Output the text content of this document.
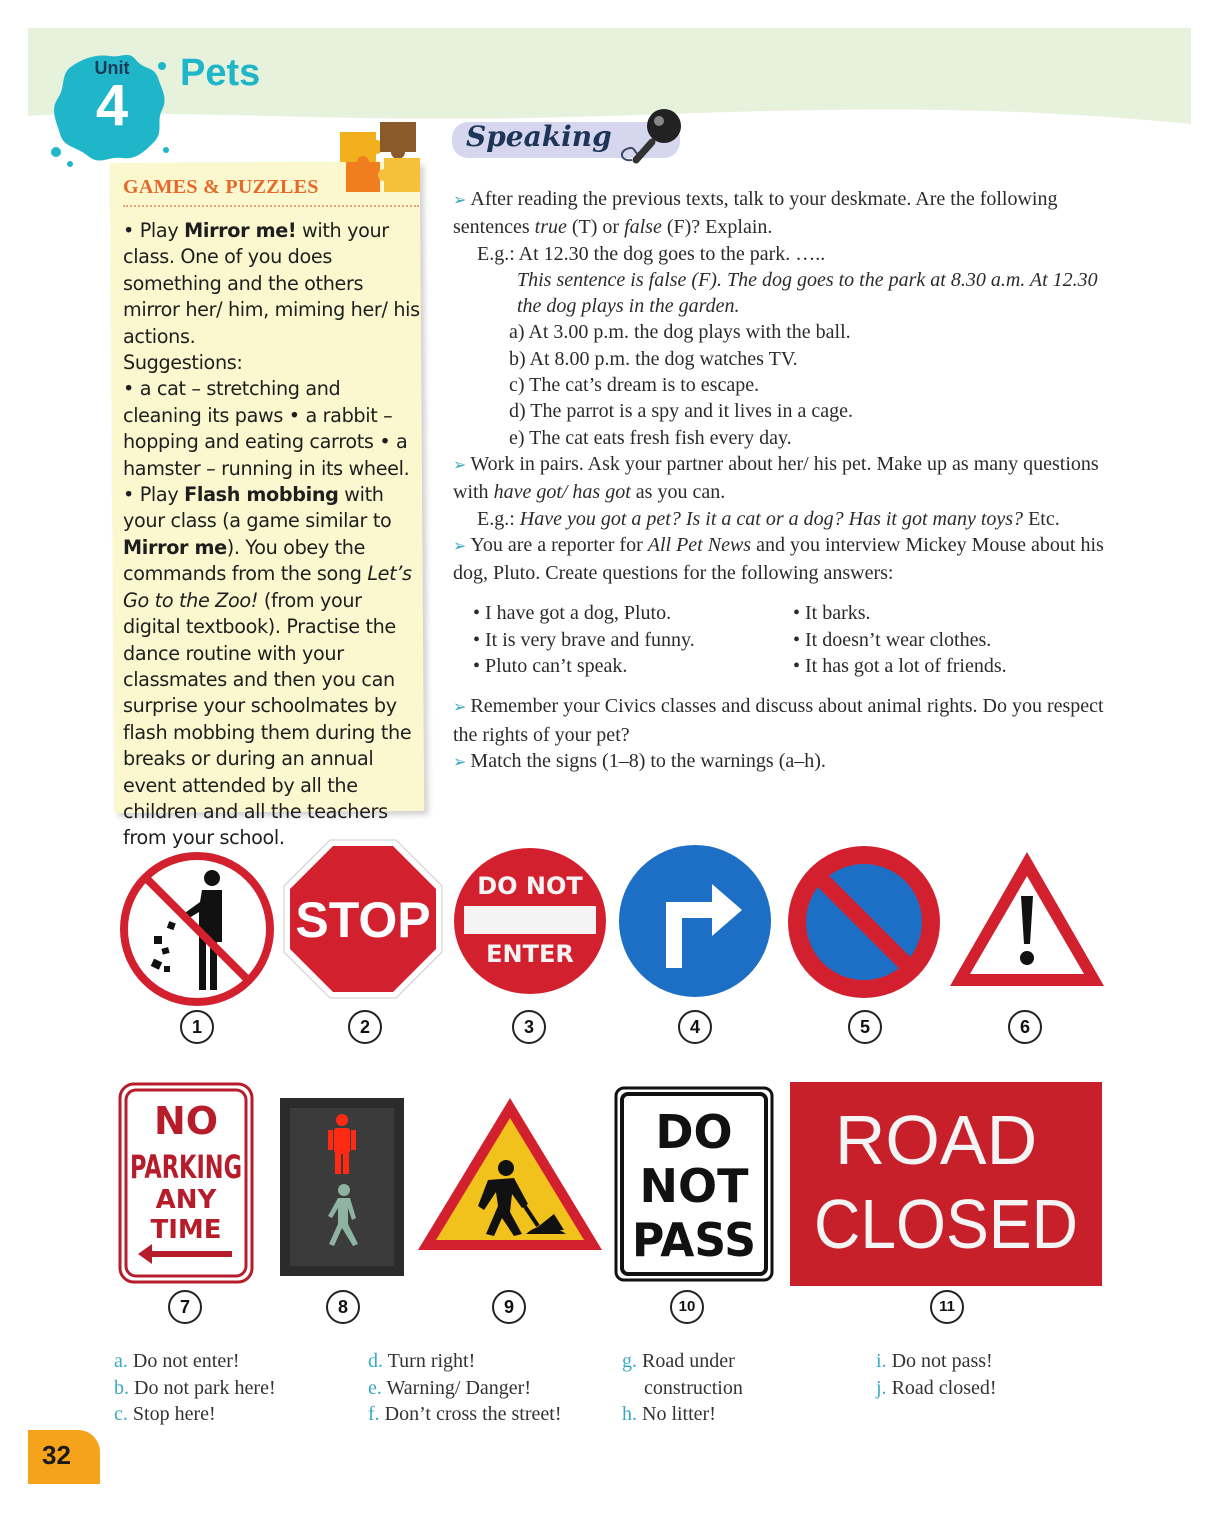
Unit
4	Pets
GAMES & PUZZLES

• Play Mirror me! with your class. One of you does something and the others mirror her/ him, miming her/ his actions.

Suggestions:

• a cat – stretching and cleaning its paws • a rabbit – hopping and eating carrots • a hamster – running in its wheel.

• Play Flash mobbing with your class (a game similar to Mirror me). You obey the commands from the song Let’s Go to the Zoo! (from your digital textbook). Practise the dance routine with your classmates and then you can surprise your schoolmates by flash mobbing them during the breaks or during an annual event attended by all the children and all the teachers from your school.

Speaking

➢ After reading the previous texts, talk to your deskmate. Are the following sentences true (T) or false (F)? Explain.

E.g.: At 12.30 the dog goes to the park. …..

This sentence is false (F). The dog goes to the park at 8.30 a.m. At 12.30 the dog plays in the garden.

a) At 3.00 p.m. the dog plays with the ball.

b) At 8.00 p.m. the dog watches TV.

c) The cat’s dream is to escape.

d) The parrot is a spy and it lives in a cage.

e) The cat eats fresh fish every day.

➢ Work in pairs. Ask your partner about her/ his pet. Make up as many questions with have got/ has got as you can.

E.g.: Have you got a pet? Is it a cat or a dog? Has it got many toys? Etc.

➢ You are a reporter for All Pet News and you interview Mickey Mouse about his dog, Pluto. Create questions for the following answers:

• I have got a dog, Pluto.

• It is very brave and funny.

• Pluto can’t speak.

• It barks.

• It doesn’t wear clothes.

• It has got a lot of friends.

➢ Remember your Civics classes and discuss about animal rights. Do you respect the rights of your pet?

➢ Match the signs (1–8) to the warnings (a–h).

STOP
DO NOT
ENTER
1	2	3	4	5	6
NO
PARKING
ANY
TIME
DO
NOT
PASS
ROAD
CLOSED
7	8	9	10	11
a. Do not enter!
b. Do not park here!
c. Stop here!
d. Turn right!
e. Warning/ Danger!
f. Don’t cross the street!
g. Road under
construction
h. No litter!
i. Do not pass!
j. Road closed!
32
